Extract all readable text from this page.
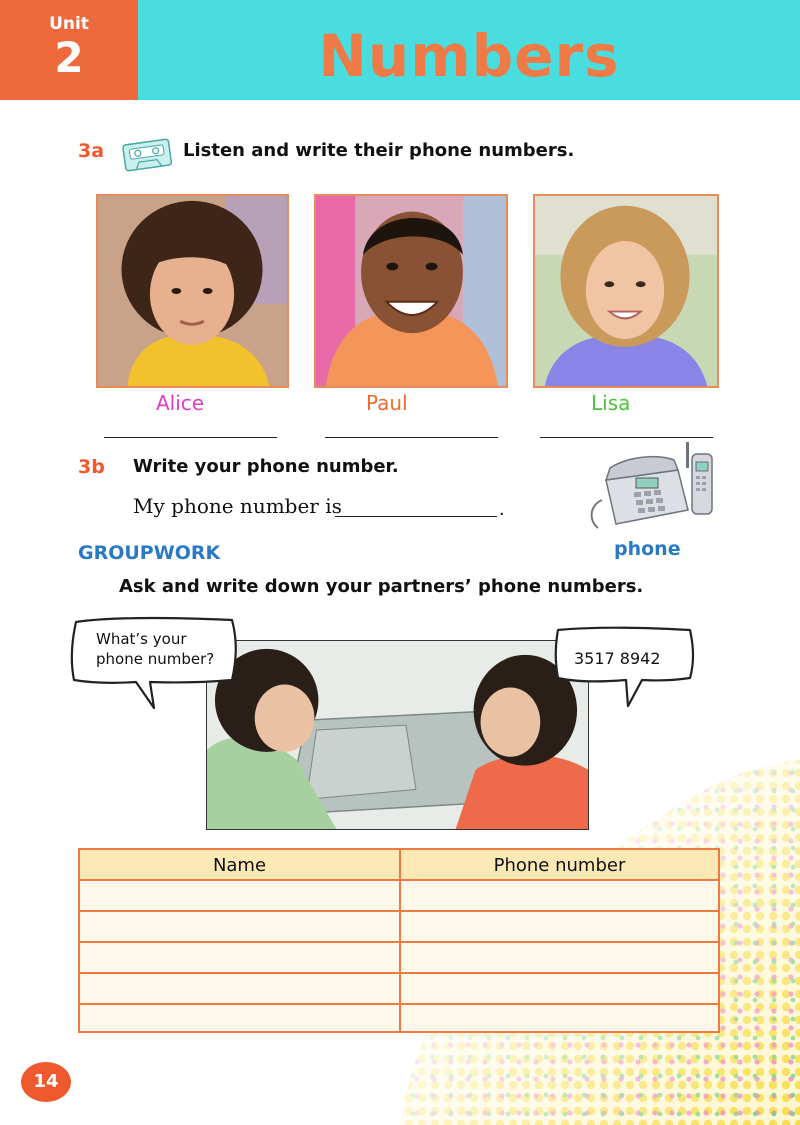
Unit
2	Numbers
3a	Listen and write their phone numbers.
Alice	Paul	Lisa
3b Write your phone number.
My phone number is	.
phone
GROUPWORK
Ask and write down your partners’ phone numbers.
What’s your
phone number?	3517 8942
Name	Phone number
14
